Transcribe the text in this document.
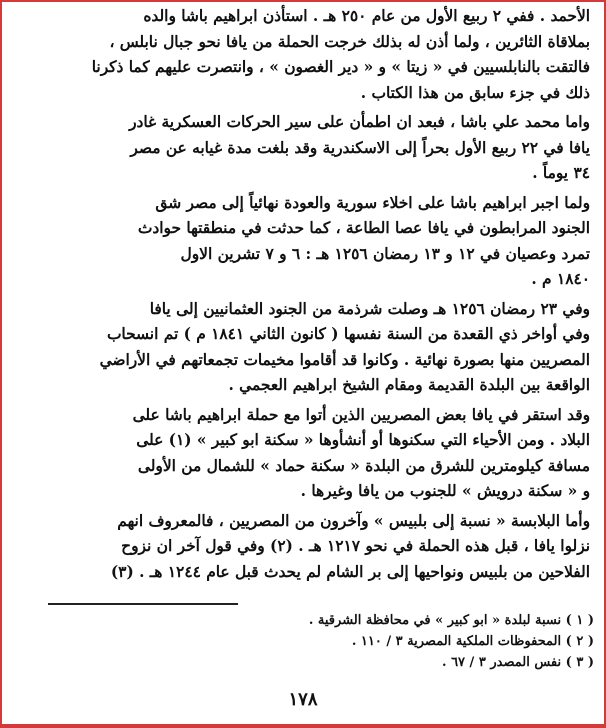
الأحمد . ففي ٢ ربيع الأول من عام ٢٥٠ هـ . استأذن ابراهيم باشا والده
بملاقاة الثائرين ، ولما أذن له بذلك خرجت الحملة من يافا نحو جبال نابلس ،
فالتقت بالنابلسيين في « زيتا » و « دير الغصون » ، وانتصرت عليهم كما ذكرنا
ذلك في جزء سابق من هذا الكتاب .
واما محمد علي باشا ، فبعد ان اطمأن على سير الحركات العسكرية غادر
يافا في ٢٢ ربيع الأول بحراً إلى الاسكندرية وقد بلغت مدة غيابه عن مصر
٣٤ يوماً .
ولما اجبر ابراهيم باشا على اخلاء سورية والعودة نهائياً إلى مصر شق
الجنود المرابطون في يافا عصا الطاعة ، كما حدثت في منطقتها حوادث
تمرد وعصيان في ١٢ و ١٣ رمضان ١٢٥٦ هـ : ٦ و ٧ تشرين الاول
١٨٤٠ م .
وفي ٢٣ رمضان ١٢٥٦ هـ وصلت شرذمة من الجنود العثمانيين إلى يافا
وفي أواخر ذي القعدة من السنة نفسها ( كانون الثاني ١٨٤١ م ) تم انسحاب
المصريين منها بصورة نهائية . وكانوا قد أقاموا مخيمات تجمعاتهم في الأراضي
الواقعة بين البلدة القديمة ومقام الشيخ ابراهيم العجمي .
وقد استقر في يافا بعض المصريين الذين أتوا مع حملة ابراهيم باشا على
البلاد . ومن الأحياء التي سكنوها أو أنشأوها « سكنة ابو كبير » (١) على
مسافة كيلومترين للشرق من البلدة « سكنة حماد » للشمال من الأولى
و « سكنة درويش » للجنوب من يافا وغيرها .
وأما البلابسة « نسبة إلى بلبيس » وآخرون من المصريين ، فالمعروف انهم
نزلوا يافا ، قبل هذه الحملة في نحو ١٢١٧ هـ . (٢) وفي قول آخر ان نزوح
الفلاحين من بلبيس ونواحيها إلى بر الشام لم يحدث قبل عام ١٢٤٤ هـ . (٣)
( ١ ) نسبة لبلدة « ابو كبير » في محافظة الشرقية .
( ٢ ) المحفوظات الملكية المصرية ٣ / ١١٠ .
( ٣ ) نفس المصدر ٣ / ٦٧ .
١٧٨
